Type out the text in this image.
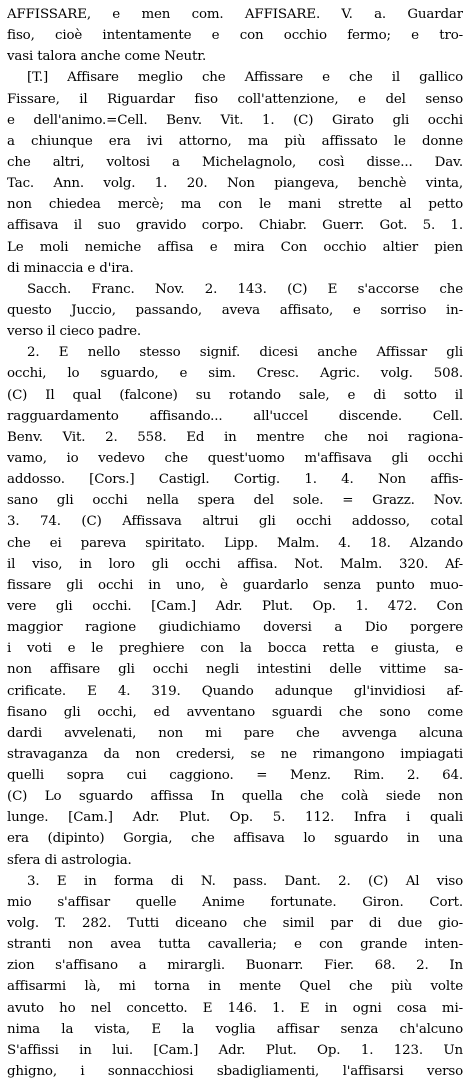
AFFISSARE, e men com. AFFISARE. V. a. Guardar
fiso, cioè intentamente e con occhio fermo; e tro-
vasi talora anche come Neutr.
[T.] Affisare meglio che Affissare e che il gallico
Fissare, il Riguardar fiso coll'attenzione, e del senso
e dell'animo.=Cell. Benv. Vit. 1. (C) Girato gli occhi
a chiunque era ivi attorno, ma più affissato le donne
che altri, voltosi a Michelagnolo, così disse... Dav.
Tac. Ann. volg. 1. 20. Non piangeva, benchè vinta,
non chiedea mercè; ma con le mani strette al petto
affisava il suo gravido corpo. Chiabr. Guerr. Got. 5. 1.
Le moli nemiche affisa e mira Con occhio altier pien
di minaccia e d'ira.
Sacch. Franc. Nov. 2. 143. (C) E s'accorse che
questo Juccio, passando, aveva affisato, e sorriso in-
verso il cieco padre.
2. E nello stesso signif. dicesi anche Affissar gli
occhi, lo sguardo, e sim. Cresc. Agric. volg. 508.
(C) Il qual (falcone) su rotando sale, e di sotto il
ragguardamento affisando... all'uccel discende. Cell.
Benv. Vit. 2. 558. Ed in mentre che noi ragiona-
vamo, io vedevo che quest'uomo m'affisava gli occhi
addosso. [Cors.] Castigl. Cortig. 1. 4. Non affis-
sano gli occhi nella spera del sole. = Grazz. Nov.
3. 74. (C) Affissava altrui gli occhi addosso, cotal
che ei pareva spiritato. Lipp. Malm. 4. 18. Alzando
il viso, in loro gli occhi affisa. Not. Malm. 320. Af-
fissare gli occhi in uno, è guardarlo senza punto muo-
vere gli occhi. [Cam.] Adr. Plut. Op. 1. 472. Con
maggior ragione giudichiamo doversi a Dio porgere
i voti e le preghiere con la bocca retta e giusta, e
non affisare gli occhi negli intestini delle vittime sa-
crificate. E 4. 319. Quando adunque gl'invidiosi af-
fisano gli occhi, ed avventano sguardi che sono come
dardi avvelenati, non mi pare che avvenga alcuna
stravaganza da non credersi, se ne rimangono impiagati
quelli sopra cui caggiono. = Menz. Rim. 2. 64.
(C) Lo sguardo affissa In quella che colà siede non
lunge. [Cam.] Adr. Plut. Op. 5. 112. Infra i quali
era (dipinto) Gorgia, che affisava lo sguardo in una
sfera di astrologia.
3. E in forma di N. pass. Dant. 2. (C) Al viso
mio s'affisar quelle Anime fortunate. Giron. Cort.
volg. T. 282. Tutti diceano che simil par di due gio-
stranti non avea tutta cavalleria; e con grande inten-
zion s'affisano a mirargli. Buonarr. Fier. 68. 2. In
affisarmi là, mi torna in mente Quel che più volte
avuto ho nel concetto. E 146. 1. E in ogni cosa mi-
nima la vista, E la voglia affisar senza ch'alcuno
S'affissi in lui. [Cam.] Adr. Plut. Op. 1. 123. Un
ghigno, i sonnacchiosi sbadigliamenti, l'affisarsi verso
